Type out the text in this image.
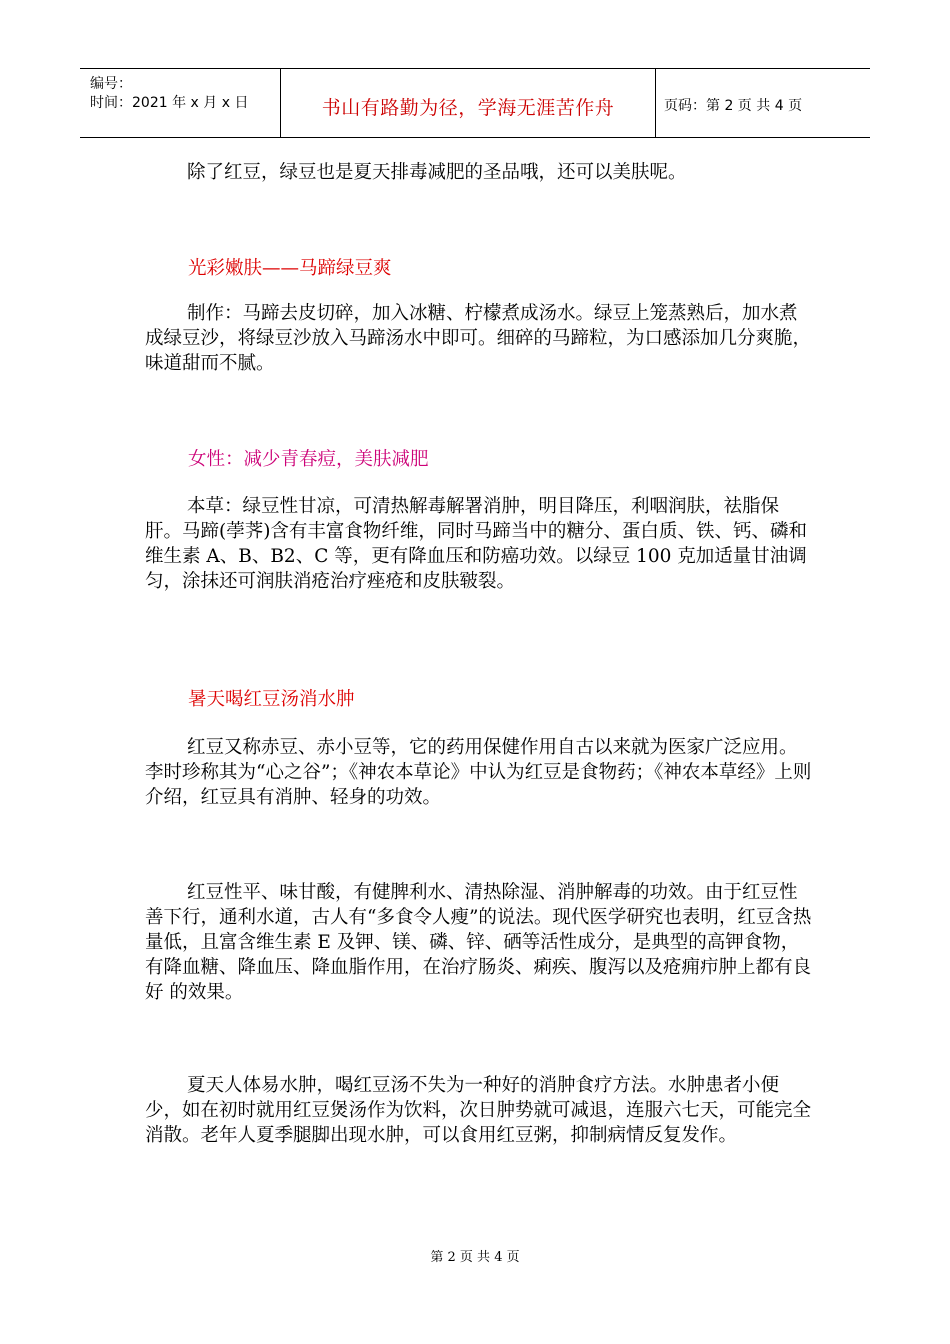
编号：
时间：2021 年 x 月 x 日	书山有路勤为径，学海无涯苦作舟	页码：第 2 页 共 4 页

除了红豆，绿豆也是夏天排毒减肥的圣品哦，还可以美肤呢。

光彩嫩肤——马蹄绿豆爽

制作：马蹄去皮切碎，加入冰糖、柠檬煮成汤水。绿豆上笼蒸熟后，加水煮成绿豆沙，将绿豆沙放入马蹄汤水中即可。细碎的马蹄粒，为口感添加几分爽脆，味道甜而不腻。

女性：减少青春痘，美肤减肥

本草：绿豆性甘凉，可清热解毒解署消肿，明目降压，利咽润肤，祛脂保肝。马蹄(荸荠)含有丰富食物纤维，同时马蹄当中的糖分、蛋白质、铁、钙、磷和维生素 A、B、B2、C 等，更有降血压和防癌功效。以绿豆 100 克加适量甘油调匀，涂抹还可润肤消疮治疗痤疮和皮肤皲裂。

暑天喝红豆汤消水肿

红豆又称赤豆、赤小豆等，它的药用保健作用自古以来就为医家广泛应用。李时珍称其为“心之谷”；《神农本草论》中认为红豆是食物药；《神农本草经》上则介绍，红豆具有消肿、轻身的功效。

红豆性平、味甘酸，有健脾利水、清热除湿、消肿解毒的功效。由于红豆性善下行，通利水道，古人有“多食令人瘦”的说法。现代医学研究也表明，红豆含热 量低，且富含维生素 E 及钾、镁、磷、锌、硒等活性成分，是典型的高钾食物，有降血糖、降血压、降血脂作用，在治疗肠炎、痢疾、腹泻以及疮痈疖肿上都有良好 的效果。

夏天人体易水肿，喝红豆汤不失为一种好的消肿食疗方法。水肿患者小便少，如在初时就用红豆煲汤作为饮料，次日肿势就可减退，连服六七天，可能完全消散。老年人夏季腿脚出现水肿，可以食用红豆粥，抑制病情反复发作。

第 2 页 共 4 页
